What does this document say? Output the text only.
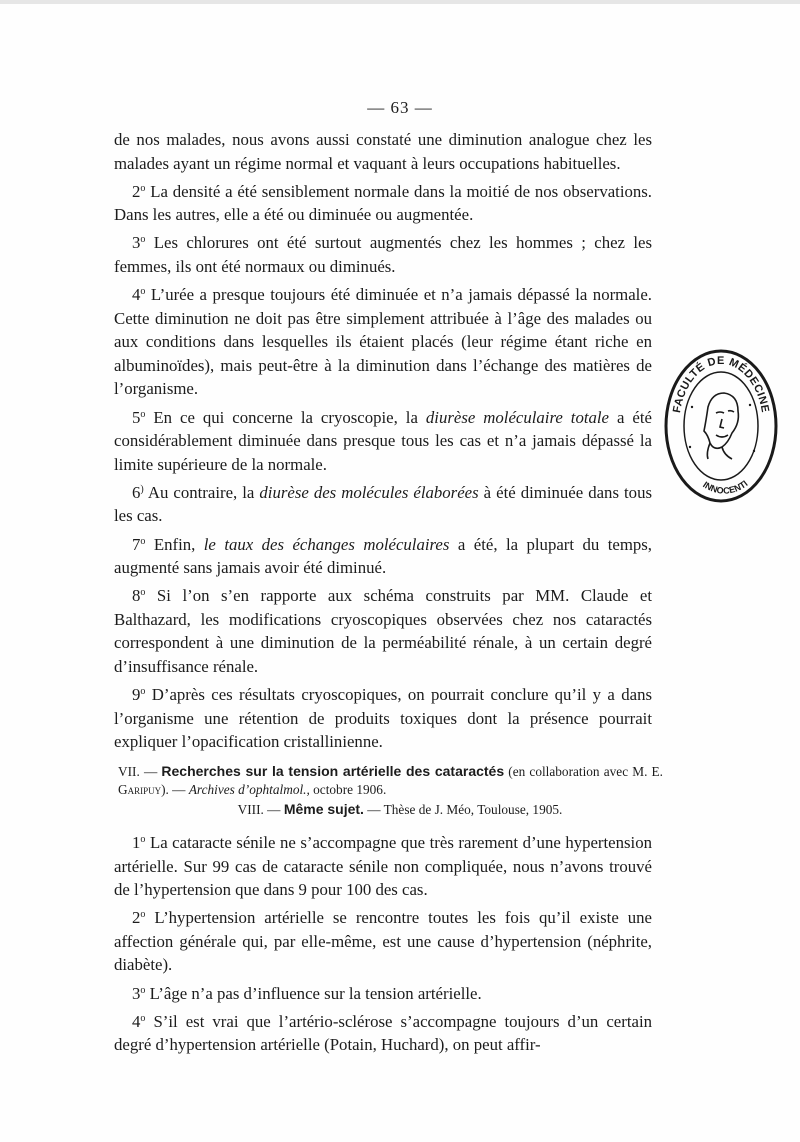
— 63 —

de nos malades, nous avons aussi constaté une diminution analogue chez les malades ayant un régime normal et vaquant à leurs occupations habituelles.

2$^o$ La densité a été sensiblement normale dans la moitié de nos observations. Dans les autres, elle a été ou diminuée ou augmentée.

3$^o$ Les chlorures ont été surtout augmentés chez les hommes ; chez les femmes, ils ont été normaux ou diminués.

4$^o$ L’urée a presque toujours été diminuée et n’a jamais dépassé la normale. Cette diminution ne doit pas être simplement attribuée à l’âge des malades ou aux conditions dans lesquelles ils étaient placés (leur régime étant riche en albuminoïdes), mais peut-être à la diminution dans l’échange des matières de l’organisme.

5$^o$ En ce qui concerne la cryoscopie, la diurèse moléculaire totale a été considérablement diminuée dans presque tous les cas et n’a jamais dépassé la limite supérieure de la normale.

6) Au contraire, la diurèse des molécules élaborées à été diminuée dans tous les cas.

7$^o$ Enfin, le taux des échanges moléculaires a été, la plupart du temps, augmenté sans jamais avoir été diminué.

8$^o$ Si l’on s’en rapporte aux schéma construits par MM. Claude et Balthazard, les modifications cryoscopiques observées chez nos cataractés correspondent à une diminution de la perméabilité rénale, à un certain degré d’insuffisance rénale.

9$^o$ D’après ces résultats cryoscopiques, on pourrait conclure qu’il y a dans l’organisme une rétention de produits toxiques dont la présence pourrait expliquer l’opacification cristallinienne.

VII. — Recherches sur la tension artérielle des cataractés (en collaboration avec M. E. Garipuy). — Archives d’ophtalmol., octobre 1906.
VIII. — Même sujet. — Thèse de J. Méo, Toulouse, 1905.

1$^o$ La cataracte sénile ne s’accompagne que très rarement d’une hypertension artérielle. Sur 99 cas de cataracte sénile non compliquée, nous n’avons trouvé de l’hypertension que dans 9 pour 100 des cas.

2$^o$ L’hypertension artérielle se rencontre toutes les fois qu’il existe une affection générale qui, par elle-même, est une cause d’hypertension (néphrite, diabète).

3$^o$ L’âge n’a pas d’influence sur la tension artérielle.

4$^o$ S’il est vrai que l’artério-sclérose s’accompagne toujours d’un certain degré d’hypertension artérielle (Potain, Huchard), on peut affir-

FACULTÉ DE MÉDECINE
INNOCENTI
